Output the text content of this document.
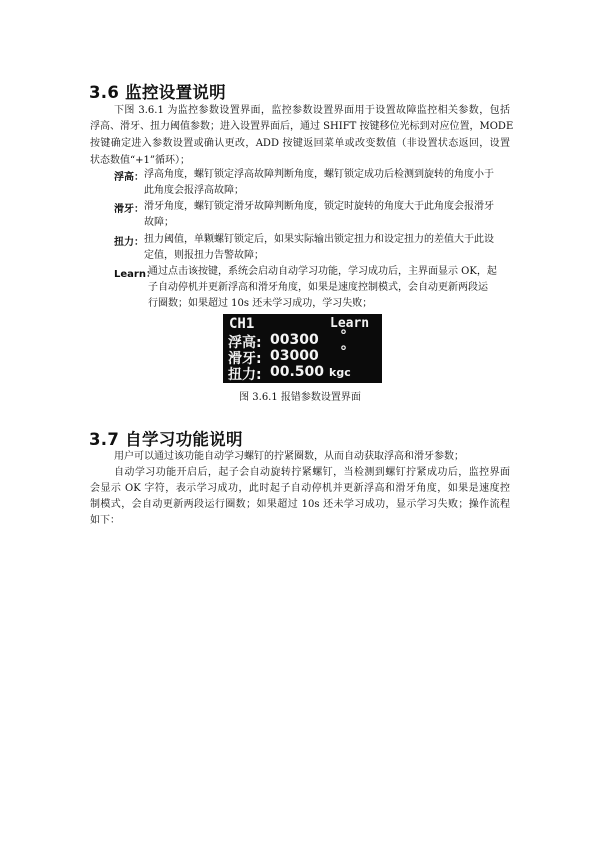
3.6 监控设置说明
下图 3.6.1 为监控参数设置界面，监控参数设置界面用于设置故障监控相关参数，包括
浮高、滑牙、扭力阈值参数；进入设置界面后，通过 SHIFT 按键移位光标到对应位置，MODE
按键确定进入参数设置或确认更改，ADD 按键返回菜单或改变数值（非设置状态返回，设置
状态数值“+1”循环）；
浮高： 浮高角度，螺钉锁定浮高故障判断角度，螺钉锁定成功后检测到旋转的角度小于
此角度会报浮高故障；
滑牙： 滑牙角度，螺钉锁定滑牙故障判断角度，锁定时旋转的角度大于此角度会报滑牙
故障；
扭力： 扭力阈值，单颗螺钉锁定后，如果实际输出锁定扭力和设定扭力的差值大于此设
定值，则报扭力告警故障；
Learn：
通过点击该按键，系统会启动自动学习功能，学习成功后，主界面显示 OK，起
子自动停机并更新浮高和滑牙角度，如果是速度控制模式，会自动更新两段运
行圈数；如果超过 10s 还未学习成功，学习失败；
CH1	Learn
浮高: 00300 °
滑牙: 03000 °
扭力: 00.500 kgc
图 3.6.1 报错参数设置界面
3.7 自学习功能说明
用户可以通过该功能自动学习螺钉的拧紧圈数，从而自动获取浮高和滑牙参数；
自动学习功能开启后，起子会自动旋转拧紧螺钉，当检测到螺钉拧紧成功后，监控界面
会显示 OK 字符，表示学习成功，此时起子自动停机并更新浮高和滑牙角度，如果是速度控
制模式，会自动更新两段运行圈数；如果超过 10s 还未学习成功，显示学习失败；操作流程
如下：
